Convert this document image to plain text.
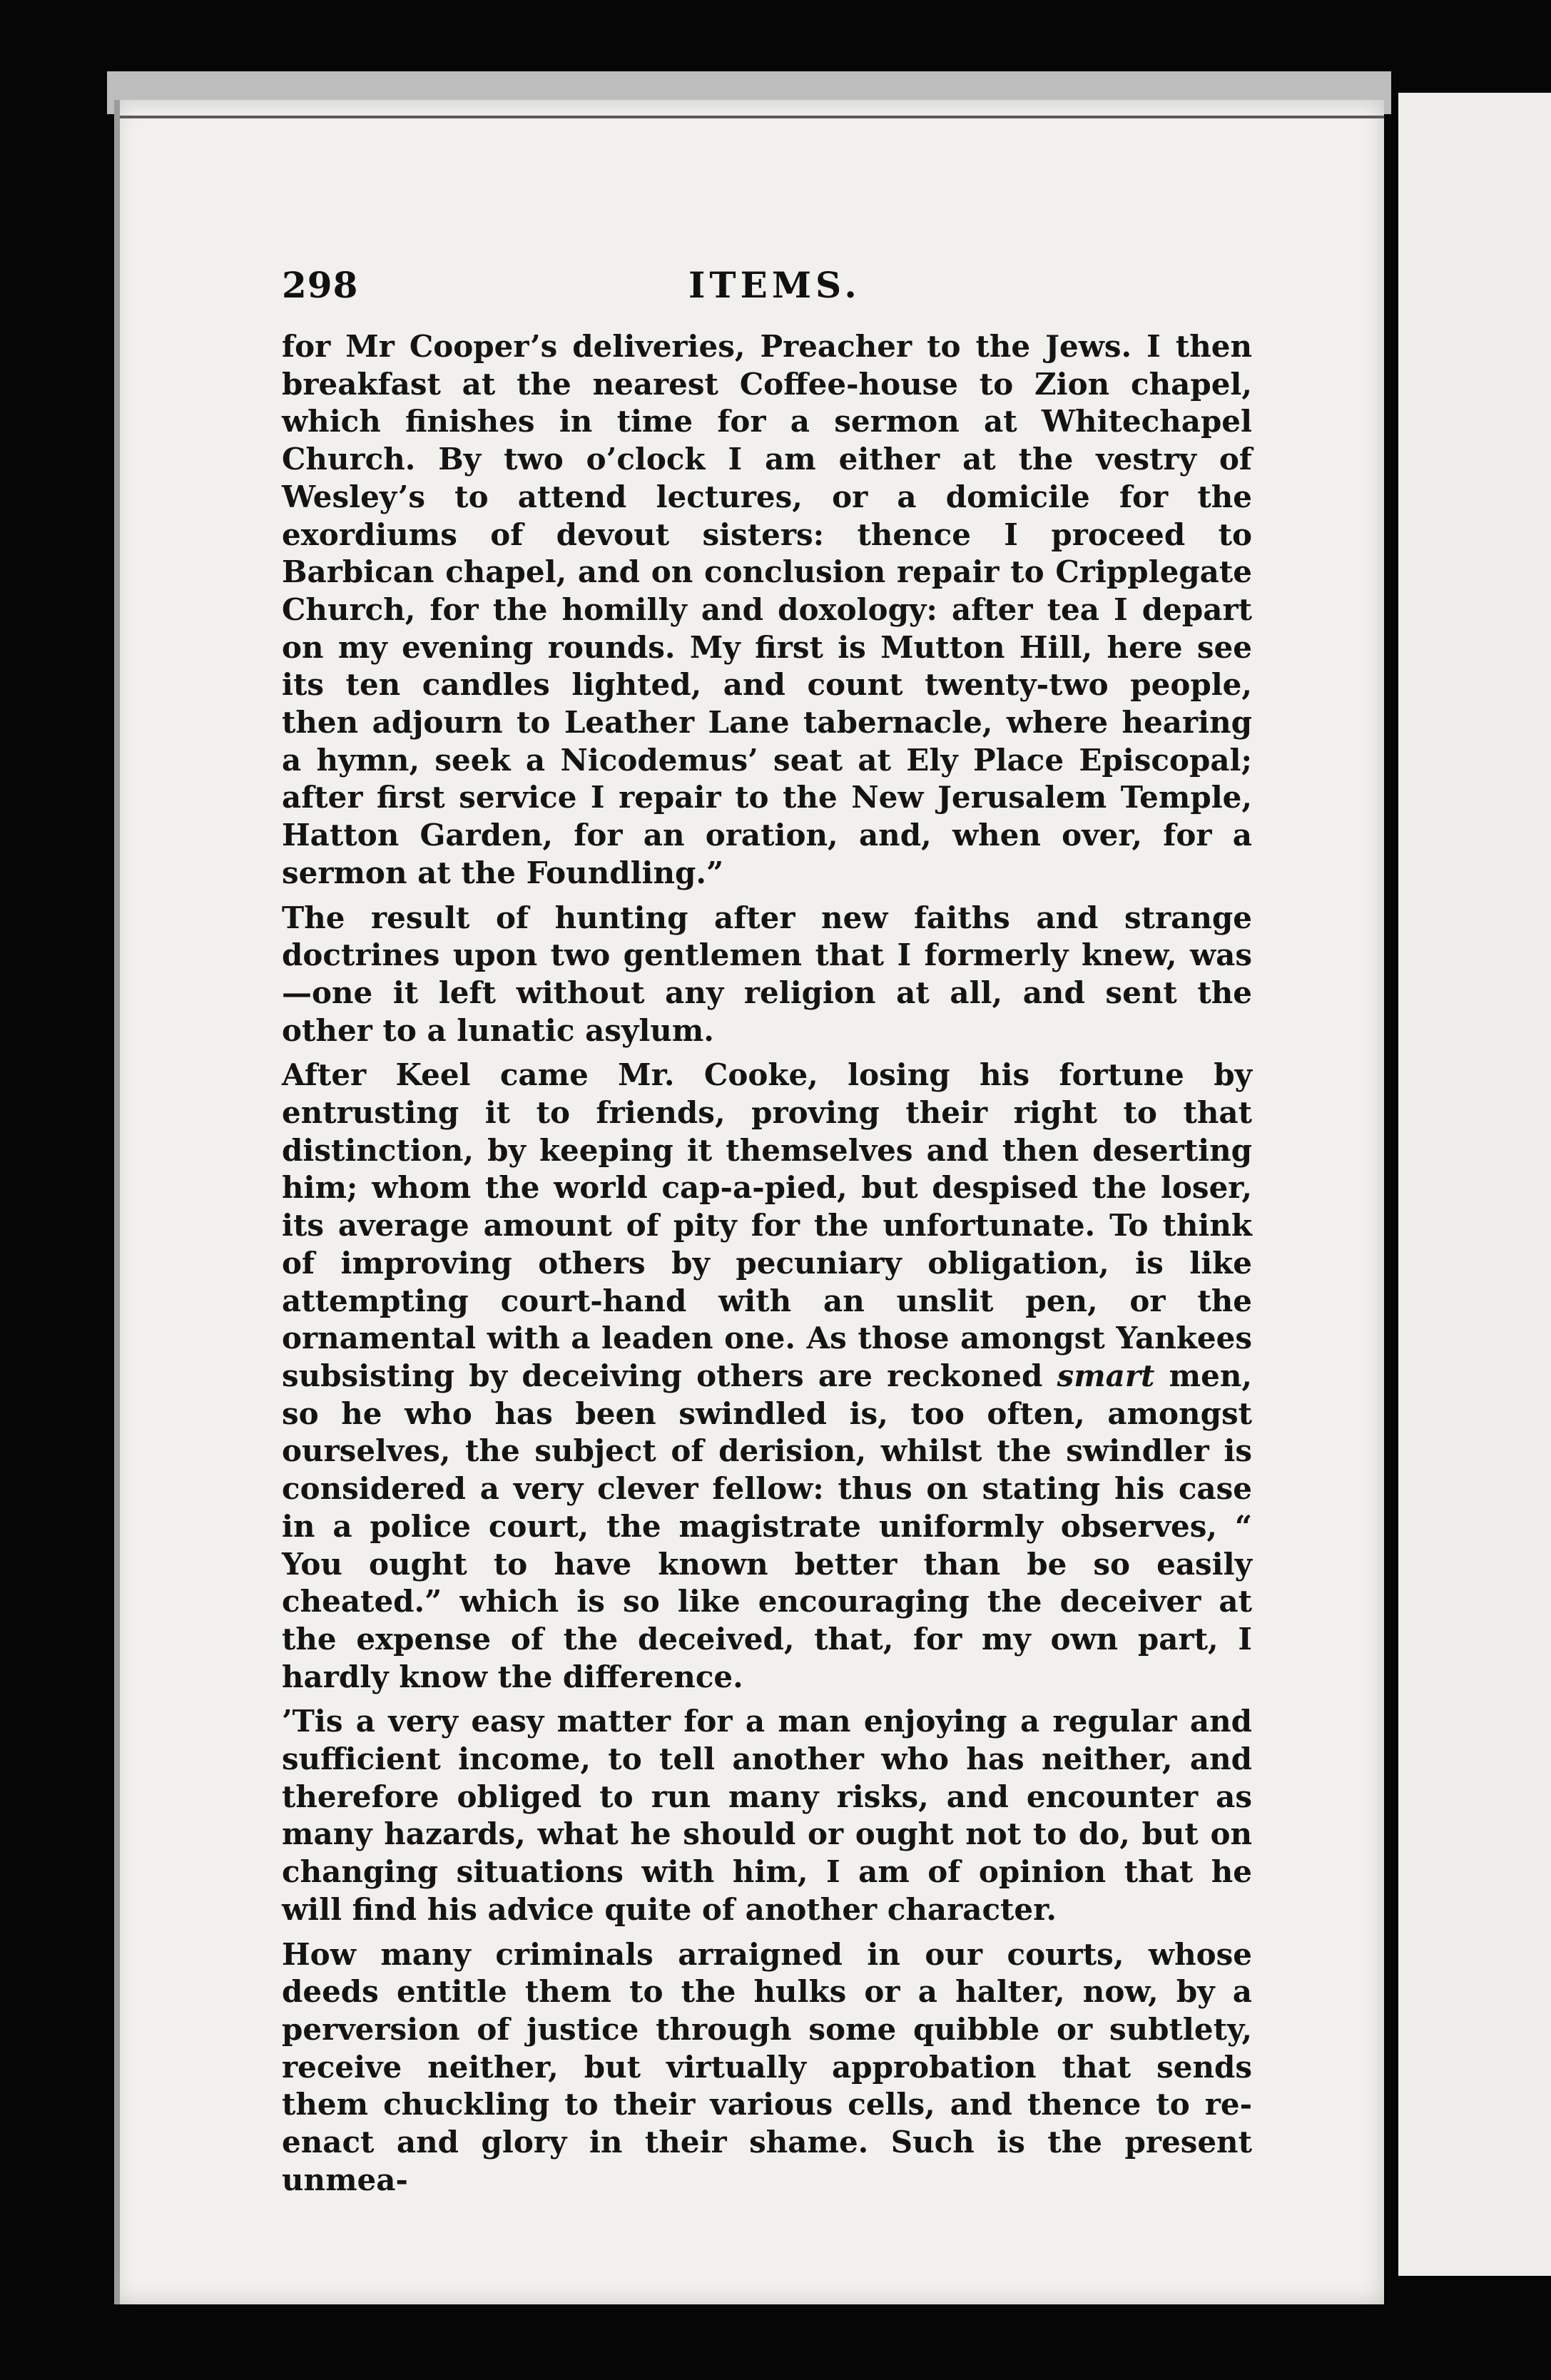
298	ITEMS.

for Mr Cooper’s deliveries, Preacher to the Jews. I then breakfast at the nearest Coffee-house to Zion chapel, which finishes in time for a sermon at Whitechapel Church. By two o’clock I am either at the vestry of Wesley’s to attend lectures, or a domicile for the exordiums of devout sisters: thence I proceed to Barbican chapel, and on conclusion repair to Cripplegate Church, for the homilly and doxology: after tea I depart on my evening rounds. My first is Mutton Hill, here see its ten candles lighted, and count twenty-two people, then adjourn to Leather Lane tabernacle, where hearing a hymn, seek a Nicodemus’ seat at Ely Place Episcopal; after first service I repair to the New Jerusalem Temple, Hatton Garden, for an oration, and, when over, for a sermon at the Foundling.”

The result of hunting after new faiths and strange doctrines upon two gentlemen that I formerly knew, was—one it left without any religion at all, and sent the other to a lunatic asylum.

After Keel came Mr. Cooke, losing his fortune by entrusting it to friends, proving their right to that distinction, by keeping it themselves and then deserting him; whom the world cap-a-pied, but despised the loser, its average amount of pity for the unfortunate. To think of improving others by pecuniary obligation, is like attempting court-hand with an unslit pen, or the ornamental with a leaden one. As those amongst Yankees subsisting by deceiving others are reckoned smart men, so he who has been swindled is, too often, amongst ourselves, the subject of derision, whilst the swindler is considered a very clever fellow: thus on stating his case in a police court, the magistrate uniformly observes, “ You ought to have known better than be so easily cheated.” which is so like encouraging the deceiver at the expense of the deceived, that, for my own part, I hardly know the difference.

’Tis a very easy matter for a man enjoying a regular and sufficient income, to tell another who has neither, and therefore obliged to run many risks, and encounter as many hazards, what he should or ought not to do, but on changing situations with him, I am of opinion that he will find his advice quite of another character.

How many criminals arraigned in our courts, whose deeds entitle them to the hulks or a halter, now, by a perversion of justice through some quibble or subtlety, receive neither, but virtually approbation that sends them chuckling to their various cells, and thence to re-enact and glory in their shame. Such is the present unmea-
